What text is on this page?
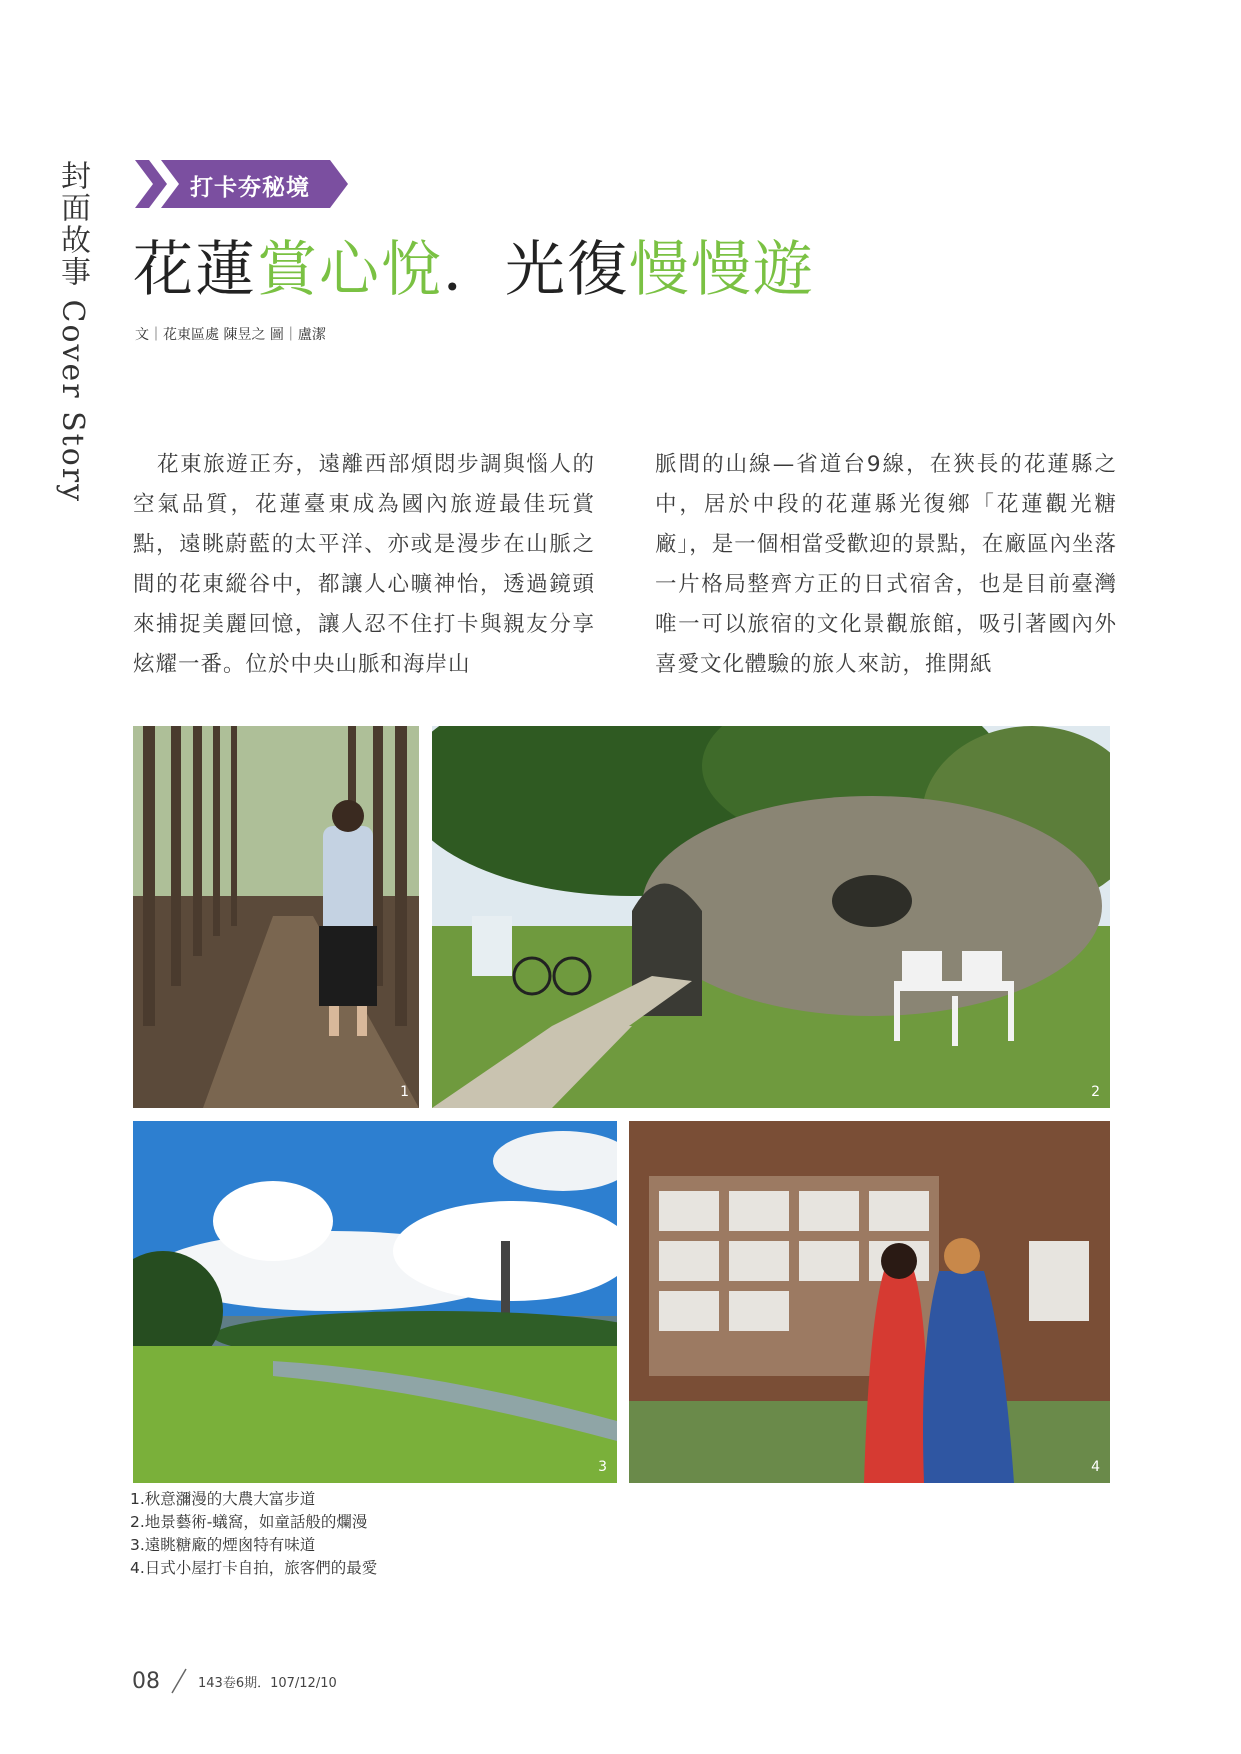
封面故事 Cover Story	打卡夯秘境
花蓮賞心悅．光復慢慢遊
文｜花東區處 陳昱之 圖｜盧潔
花東旅遊正夯，遠離西部煩悶步調與惱人的空氣品質，花蓮臺東成為國內旅遊最佳玩賞點，遠眺蔚藍的太平洋、亦或是漫步在山脈之間的花東縱谷中，都讓人心曠神怡，透過鏡頭來捕捉美麗回憶，讓人忍不住打卡與親友分享炫耀一番。位於中央山脈和海岸山
脈間的山線—省道台9線，在狹長的花蓮縣之中，居於中段的花蓮縣光復鄉「花蓮觀光糖廠」，是一個相當受歡迎的景點，在廠區內坐落一片格局整齊方正的日式宿舍，也是目前臺灣唯一可以旅宿的文化景觀旅館，吸引著國內外喜愛文化體驗的旅人來訪，推開紙
1	2
3	4
1.秋意瀰漫的大農大富步道
2.地景藝術-蟻窩，如童話般的爛漫
3.遠眺糖廠的煙囪特有味道
4.日式小屋打卡自拍，旅客們的最愛
08	143卷6期．107/12/10
